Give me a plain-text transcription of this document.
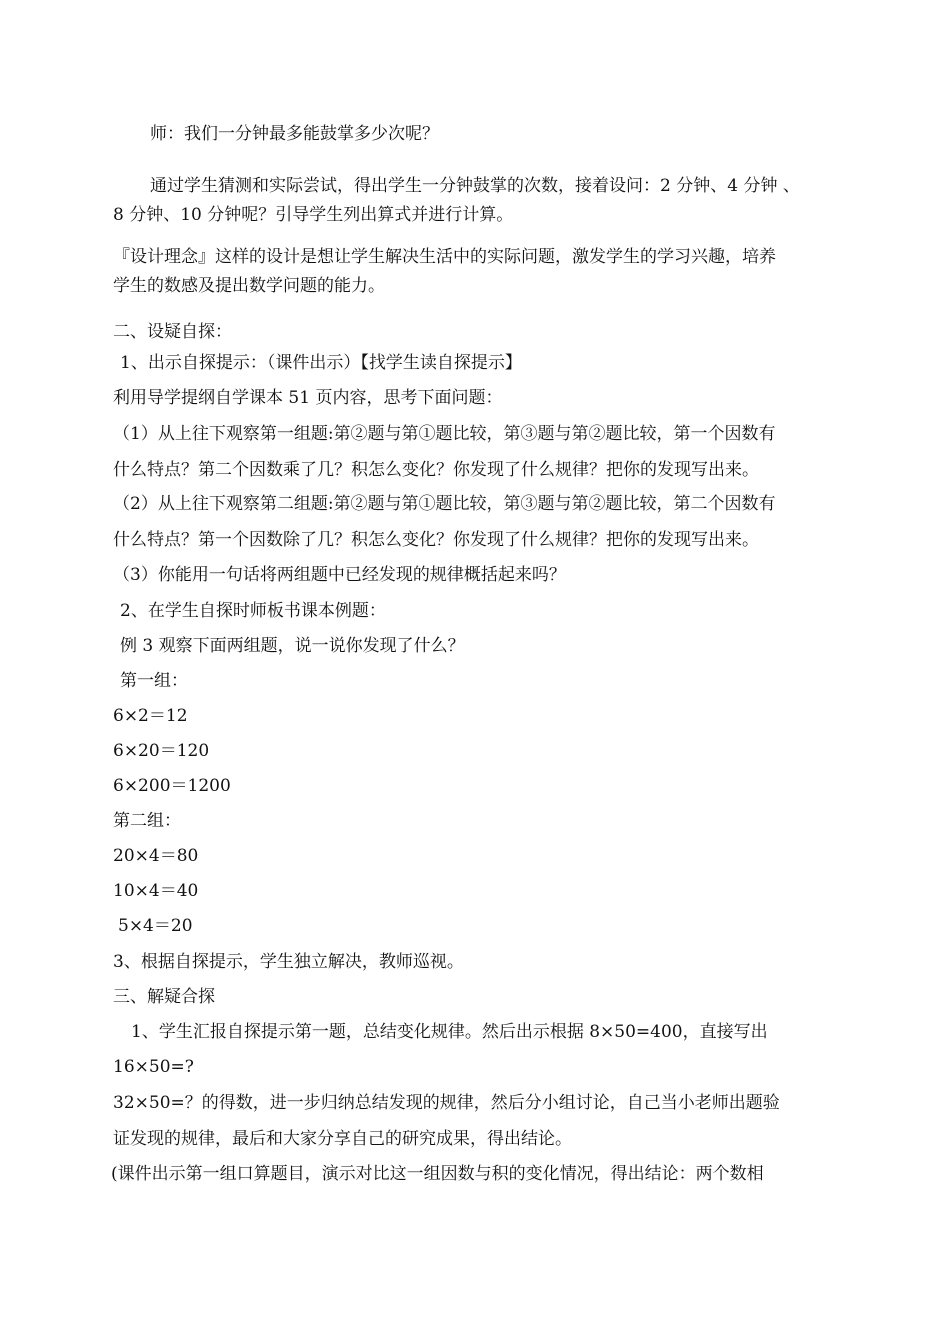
师：我们一分钟最多能鼓掌多少次呢？
通过学生猜测和实际尝试，得出学生一分钟鼓掌的次数，接着设问：2 分钟、4 分钟 、
8 分钟、10 分钟呢？引导学生列出算式并进行计算。
『设计理念』这样的设计是想让学生解决生活中的实际问题，激发学生的学习兴趣，培养
学生的数感及提出数学问题的能力。
二、设疑自探：
1、出示自探提示：（课件出示）【找学生读自探提示】
利用导学提纲自学课本 51 页内容，思考下面问题：
（1）从上往下观察第一组题:第②题与第①题比较，第③题与第②题比较，第一个因数有
什么特点？第二个因数乘了几？积怎么变化？你发现了什么规律？把你的发现写出来。
（2）从上往下观察第二组题:第②题与第①题比较，第③题与第②题比较，第二个因数有
什么特点？第一个因数除了几？积怎么变化？你发现了什么规律？把你的发现写出来。
（3）你能用一句话将两组题中已经发现的规律概括起来吗？
2、在学生自探时师板书课本例题：
例 3 观察下面两组题，说一说你发现了什么？
第一组：
6×2＝12
6×20＝120
6×200＝1200
第二组：
20×4＝80
10×4＝40
5×4＝20
3、根据自探提示，学生独立解决，教师巡视。
三、解疑合探
1、学生汇报自探提示第一题，总结变化规律。然后出示根据 8×50=400，直接写出
16×50=?
32×50=？的得数，进一步归纳总结发现的规律，然后分小组讨论，自己当小老师出题验
证发现的规律，最后和大家分享自己的研究成果，得出结论。
(课件出示第一组口算题目，演示对比这一组因数与积的变化情况，得出结论：两个数相
